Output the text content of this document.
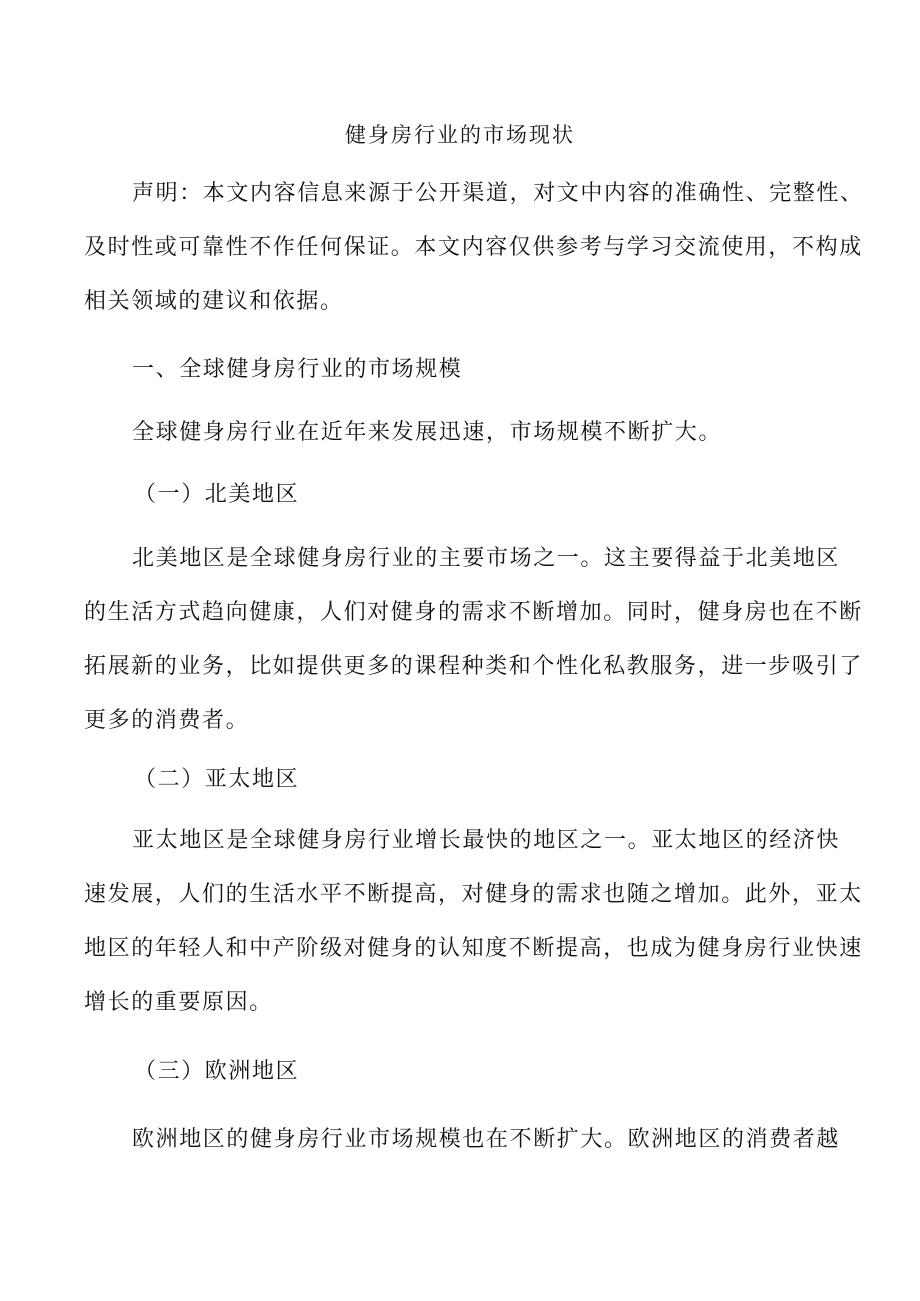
健身房行业的市场现状
声明：本文内容信息来源于公开渠道，对文中内容的准确性、完整性、
及时性或可靠性不作任何保证。本文内容仅供参考与学习交流使用，不构成
相关领域的建议和依据。
一、全球健身房行业的市场规模
全球健身房行业在近年来发展迅速，市场规模不断扩大。
（一）北美地区
北美地区是全球健身房行业的主要市场之一。这主要得益于北美地区
的生活方式趋向健康，人们对健身的需求不断增加。同时，健身房也在不断
拓展新的业务，比如提供更多的课程种类和个性化私教服务，进一步吸引了
更多的消费者。
（二）亚太地区
亚太地区是全球健身房行业增长最快的地区之一。亚太地区的经济快
速发展，人们的生活水平不断提高，对健身的需求也随之增加。此外，亚太
地区的年轻人和中产阶级对健身的认知度不断提高，也成为健身房行业快速
增长的重要原因。
（三）欧洲地区
欧洲地区的健身房行业市场规模也在不断扩大。欧洲地区的消费者越
